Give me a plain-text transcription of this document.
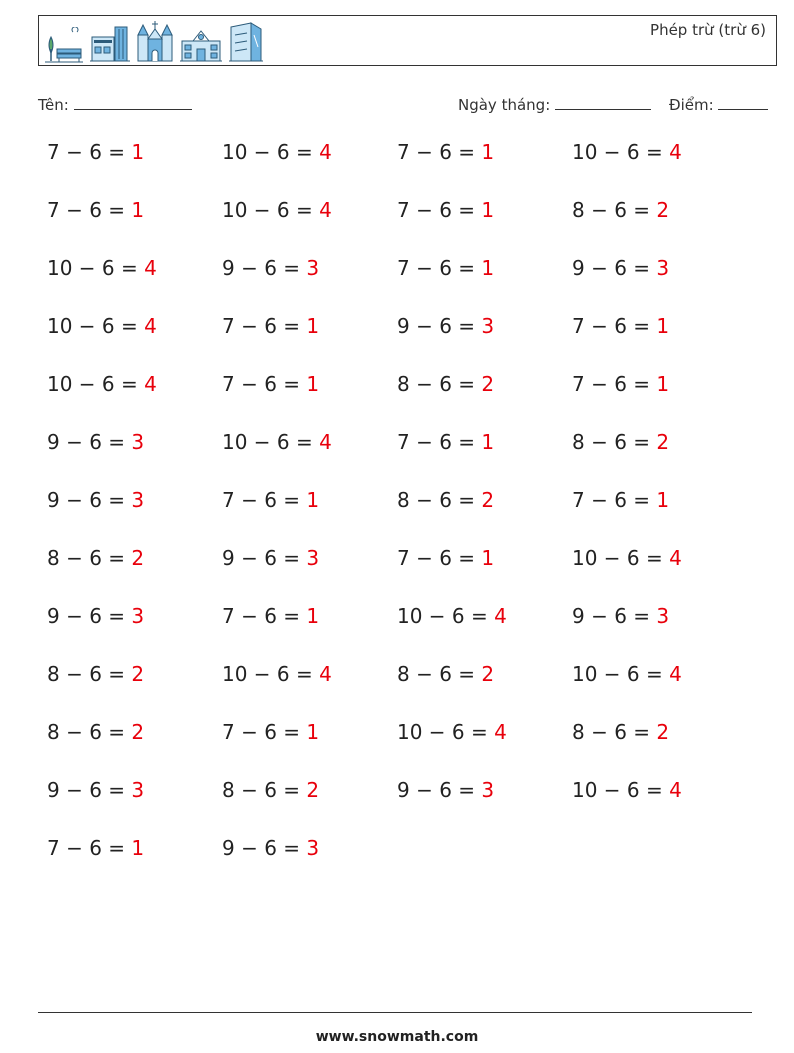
Phép trừ (trừ 6)
Tên:	Ngày tháng:	Điểm:
7 − 6 = 1	10 − 6 = 4	7 − 6 = 1	10 − 6 = 4
7 − 6 = 1	10 − 6 = 4	7 − 6 = 1	8 − 6 = 2
10 − 6 = 4	9 − 6 = 3	7 − 6 = 1	9 − 6 = 3
10 − 6 = 4	7 − 6 = 1	9 − 6 = 3	7 − 6 = 1
10 − 6 = 4	7 − 6 = 1	8 − 6 = 2	7 − 6 = 1
9 − 6 = 3	10 − 6 = 4	7 − 6 = 1	8 − 6 = 2
9 − 6 = 3	7 − 6 = 1	8 − 6 = 2	7 − 6 = 1
8 − 6 = 2	9 − 6 = 3	7 − 6 = 1	10 − 6 = 4
9 − 6 = 3	7 − 6 = 1	10 − 6 = 4	9 − 6 = 3
8 − 6 = 2	10 − 6 = 4	8 − 6 = 2	10 − 6 = 4
8 − 6 = 2	7 − 6 = 1	10 − 6 = 4	8 − 6 = 2
9 − 6 = 3	8 − 6 = 2	9 − 6 = 3	10 − 6 = 4
7 − 6 = 1	9 − 6 = 3
www.snowmath.com
